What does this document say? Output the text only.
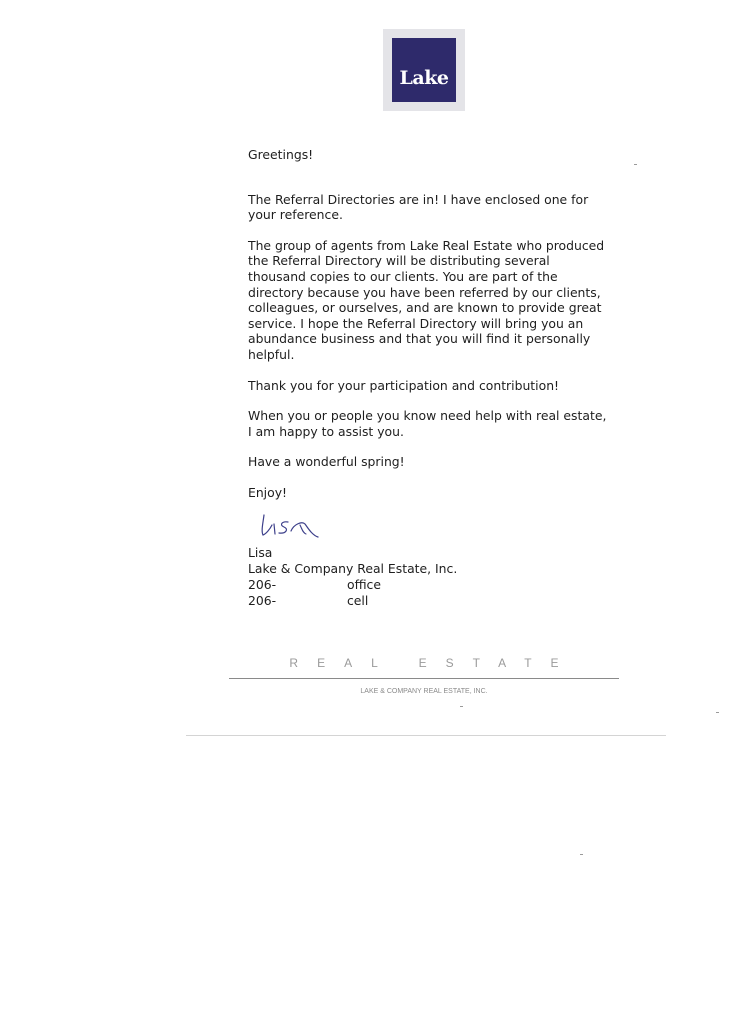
Lake

Greetings!

The Referral Directories are in! I have enclosed one for your reference.

The group of agents from Lake Real Estate who produced the Referral Directory will be distributing several thousand copies to our clients. You are part of the directory because you have been referred by our clients, colleagues, or ourselves, and are known to provide great service. I hope the Referral Directory will bring you an abundance business and that you will find it personally helpful.

Thank you for your participation and contribution!

When you or people you know need help with real estate, I am happy to assist you.

Have a wonderful spring!

Enjoy!

Lisa
Lake & Company Real Estate, Inc.
206-	office
206-	cell
REAL ESTATE
LAKE & COMPANY REAL ESTATE, INC.
